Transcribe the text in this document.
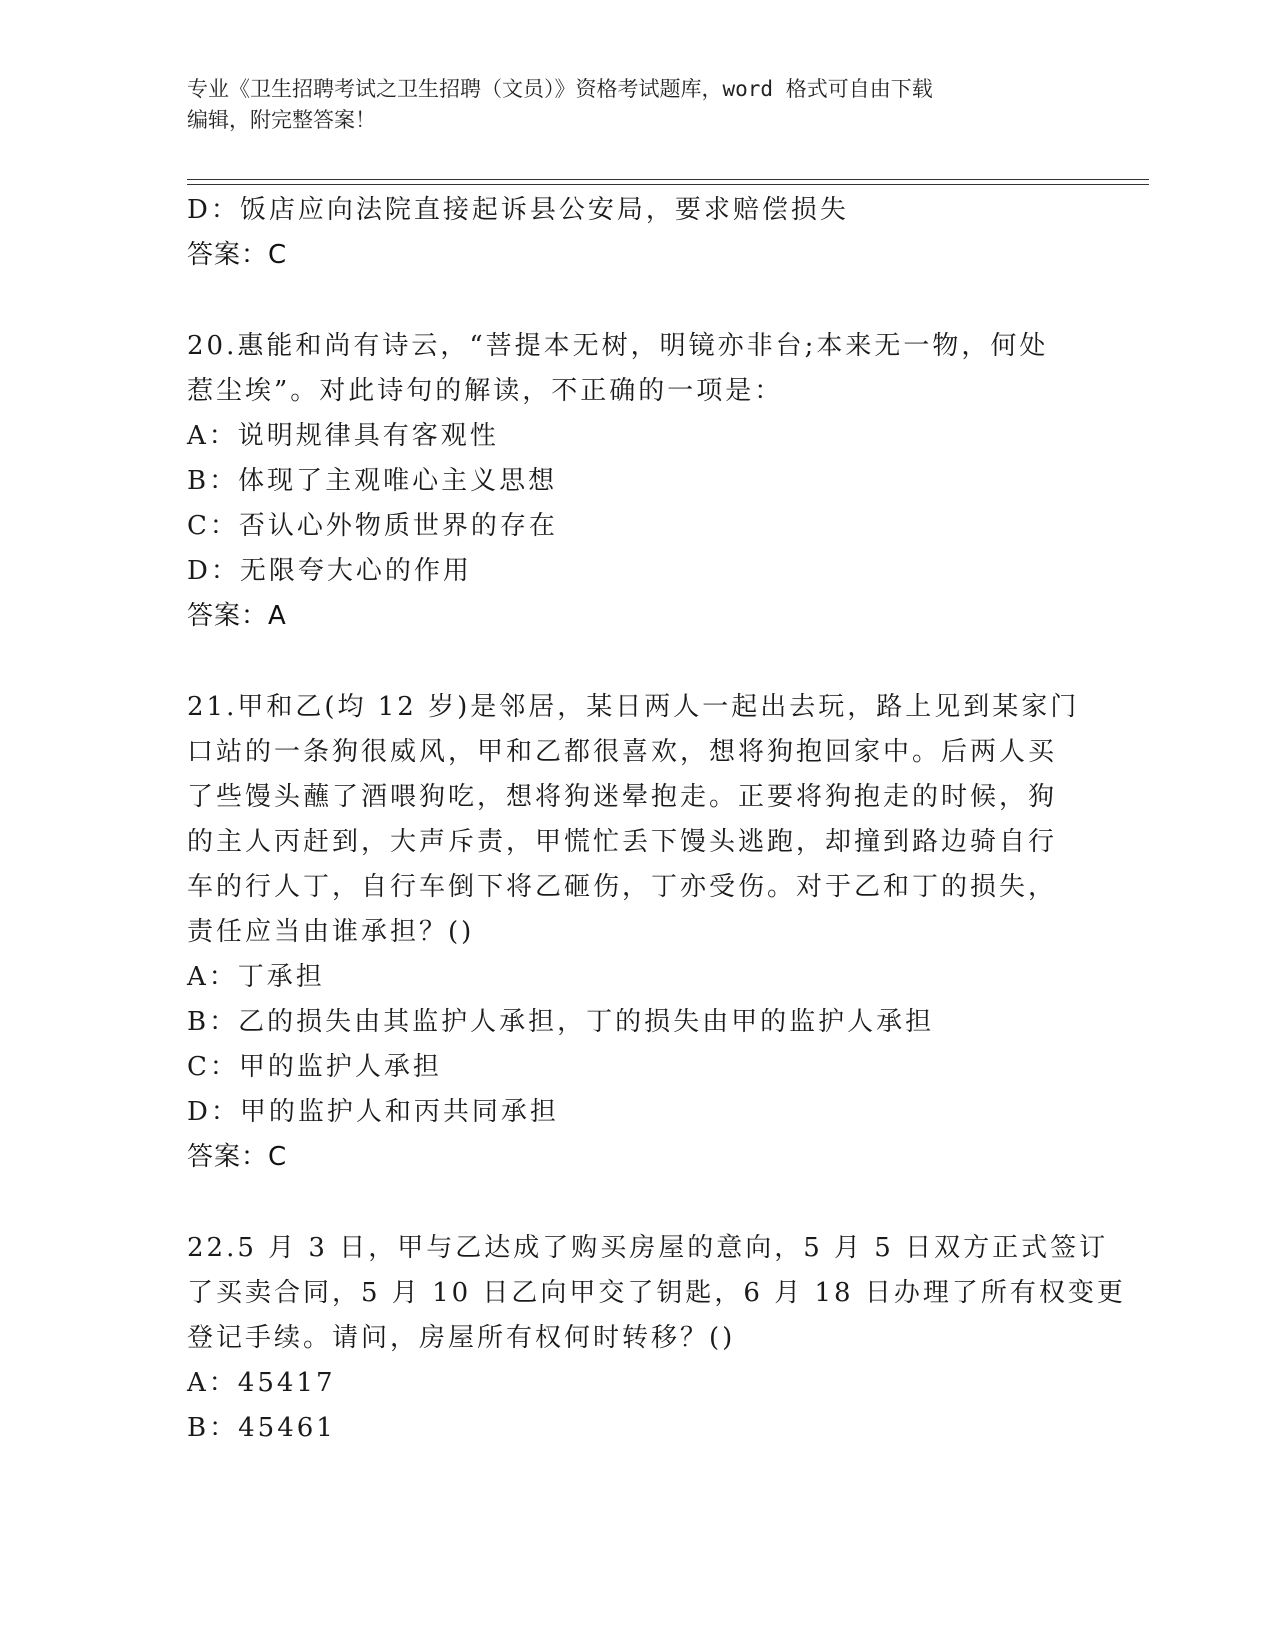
专业《卫生招聘考试之卫生招聘（文员）》资格考试题库，word 格式可自由下载
编辑，附完整答案！
D：饭店应向法院直接起诉县公安局，要求赔偿损失
答案：C
20.惠能和尚有诗云，“菩提本无树，明镜亦非台;本来无一物，何处
惹尘埃”。对此诗句的解读，不正确的一项是：
A：说明规律具有客观性
B：体现了主观唯心主义思想
C：否认心外物质世界的存在
D：无限夸大心的作用
答案：A
21.甲和乙(均 12 岁)是邻居，某日两人一起出去玩，路上见到某家门
口站的一条狗很威风，甲和乙都很喜欢，想将狗抱回家中。后两人买
了些馒头蘸了酒喂狗吃，想将狗迷晕抱走。正要将狗抱走的时候，狗
的主人丙赶到，大声斥责，甲慌忙丢下馒头逃跑，却撞到路边骑自行
车的行人丁，自行车倒下将乙砸伤，丁亦受伤。对于乙和丁的损失，
责任应当由谁承担？()
A：丁承担
B：乙的损失由其监护人承担，丁的损失由甲的监护人承担
C：甲的监护人承担
D：甲的监护人和丙共同承担
答案：C
22.5 月 3 日，甲与乙达成了购买房屋的意向，5 月 5 日双方正式签订
了买卖合同，5 月 10 日乙向甲交了钥匙，6 月 18 日办理了所有权变更
登记手续。请问，房屋所有权何时转移？()
A：45417
B：45461
